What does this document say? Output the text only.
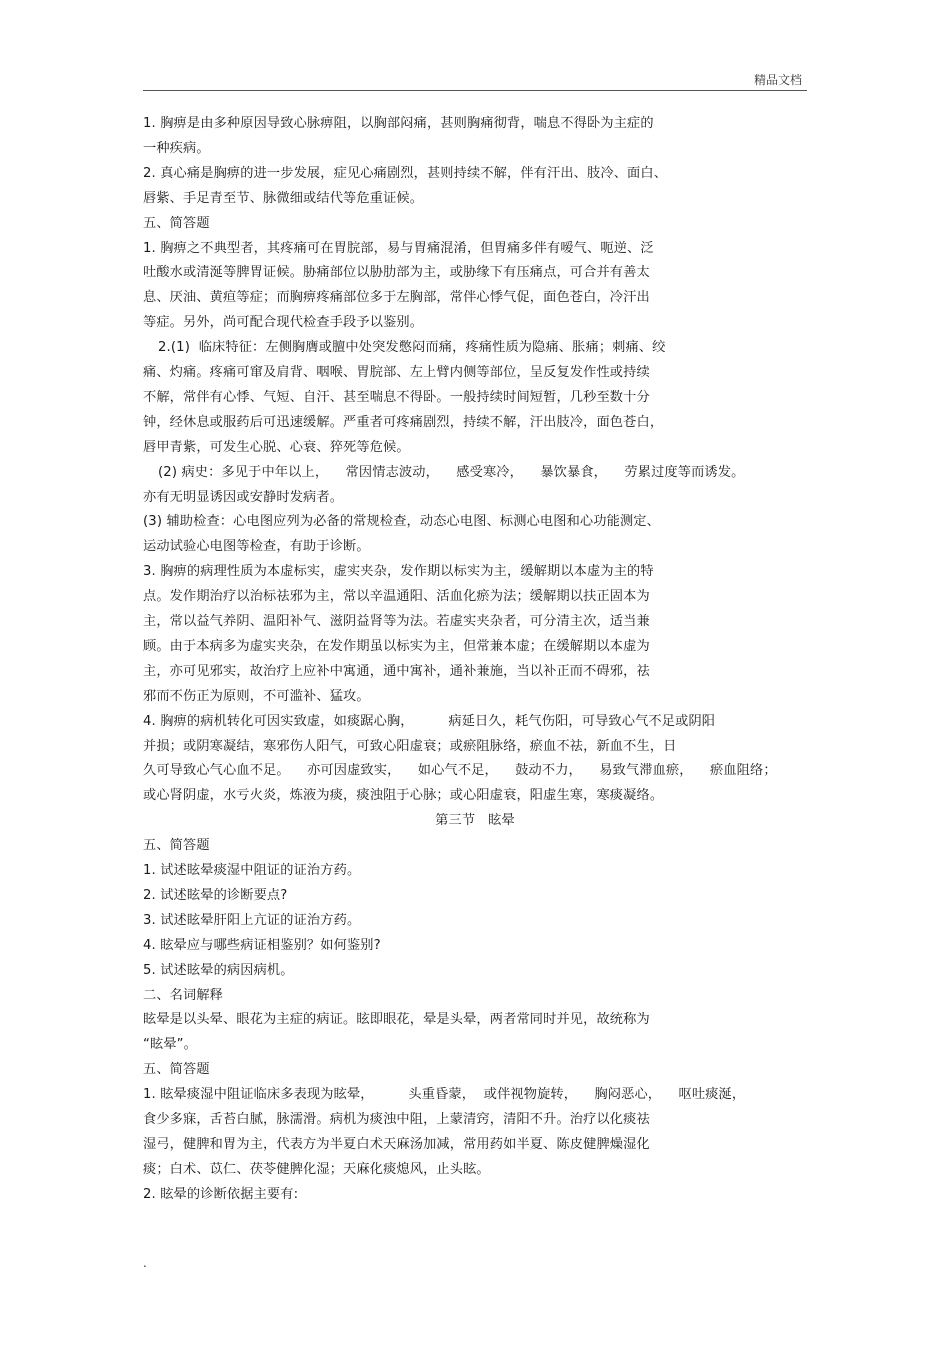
精品文档
1. 胸痹是由多种原因导致心脉痹阻，以胸部闷痛，甚则胸痛彻背，喘息不得卧为主症的
一种疾病。
2. 真心痛是胸痹的进一步发展，症见心痛剧烈，甚则持续不解，伴有汗出、肢冷、面白、
唇紫、手足青至节、脉微细或结代等危重证候。
五、简答题
1. 胸痹之不典型者，其疼痛可在胃脘部，易与胃痛混淆，但胃痛多伴有嗳气、呃逆、泛
吐酸水或清涎等脾胃证候。胁痛部位以胁肋部为主，或胁缘下有压痛点，可合并有善太
息、厌油、黄疸等症；而胸痹疼痛部位多于左胸部，常伴心悸气促，面色苍白，冷汗出
等症。另外，尚可配合现代检查手段予以鉴别。
2.(1)  临床特征：左侧胸膺或膻中处突发憋闷而痛，疼痛性质为隐痛、胀痛；刺痛、绞
痛、灼痛。疼痛可窜及肩背、咽喉、胃脘部、左上臂内侧等部位，呈反复发作性或持续
不解，常伴有心悸、气短、自汗、甚至喘息不得卧。一般持续时间短暂，几秒至数十分
钟，经休息或服药后可迅速缓解。严重者可疼痛剧烈，持续不解，汗出肢冷，面色苍白，
唇甲青紫，可发生心脱、心衰、猝死等危候。
(2) 病史：多见于中年以上，    常因情志波动，    感受寒冷，    暴饮暴食，    劳累过度等而诱发。
亦有无明显诱因或安静时发病者。
(3) 辅助检查：心电图应列为必备的常规检查，动态心电图、标测心电图和心功能测定、
运动试验心电图等检查，有助于诊断。
3. 胸痹的病理性质为本虚标实，虚实夹杂，发作期以标实为主，缓解期以本虚为主的特
点。发作期治疗以治标祛邪为主，常以辛温通阳、活血化瘀为法；缓解期以扶正固本为
主，常以益气养阴、温阳补气、滋阴益肾等为法。若虚实夹杂者，可分清主次，适当兼
顾。由于本病多为虚实夹杂，在发作期虽以标实为主，但常兼本虚；在缓解期以本虚为
主，亦可见邪实，故治疗上应补中寓通，通中寓补，通补兼施，当以补正而不碍邪，祛
邪而不伤正为原则，不可滥补、猛攻。
4. 胸痹的病机转化可因实致虚，如痰踞心胸，        病延日久，耗气伤阳，可导致心气不足或阴阳
并损；或阴寒凝结，寒邪伤人阳气，可致心阳虚衰；或瘀阻脉络，瘀血不祛，新血不生，日
久可导致心气心血不足。    亦可因虚致实，    如心气不足，    鼓动不力，    易致气滞血瘀，    瘀血阻络；
或心肾阴虚，水亏火炎，炼液为痰，痰浊阻于心脉；或心阳虚衰，阳虚生寒，寒痰凝络。
第三节   眩晕
五、简答题
1. 试述眩晕痰湿中阻证的证治方药。
2. 试述眩晕的诊断要点?
3. 试述眩晕肝阳上亢证的证治方药。
4. 眩晕应与哪些病证相鉴别？如何鉴别?
5. 试述眩晕的病因病机。
二、名词解释
眩晕是以头晕、眼花为主症的病证。眩即眼花，晕是头晕，两者常同时并见，故统称为
“眩晕”。
五、简答题
1. 眩晕痰湿中阻证临床多表现为眩晕，        头重昏蒙，  或伴视物旋转，    胸闷恶心，    呕吐痰涎，
食少多寐，舌苔白腻，脉濡滑。病机为痰浊中阻，上蒙清窍，清阳不升。治疗以化痰祛
湿弓，健脾和胃为主，代表方为半夏白术天麻汤加减，常用药如半夏、陈皮健脾燥湿化
痰；白术、苡仁、茯苓健脾化湿；天麻化痰熄风，止头眩。
2. 眩晕的诊断依据主要有:
.
